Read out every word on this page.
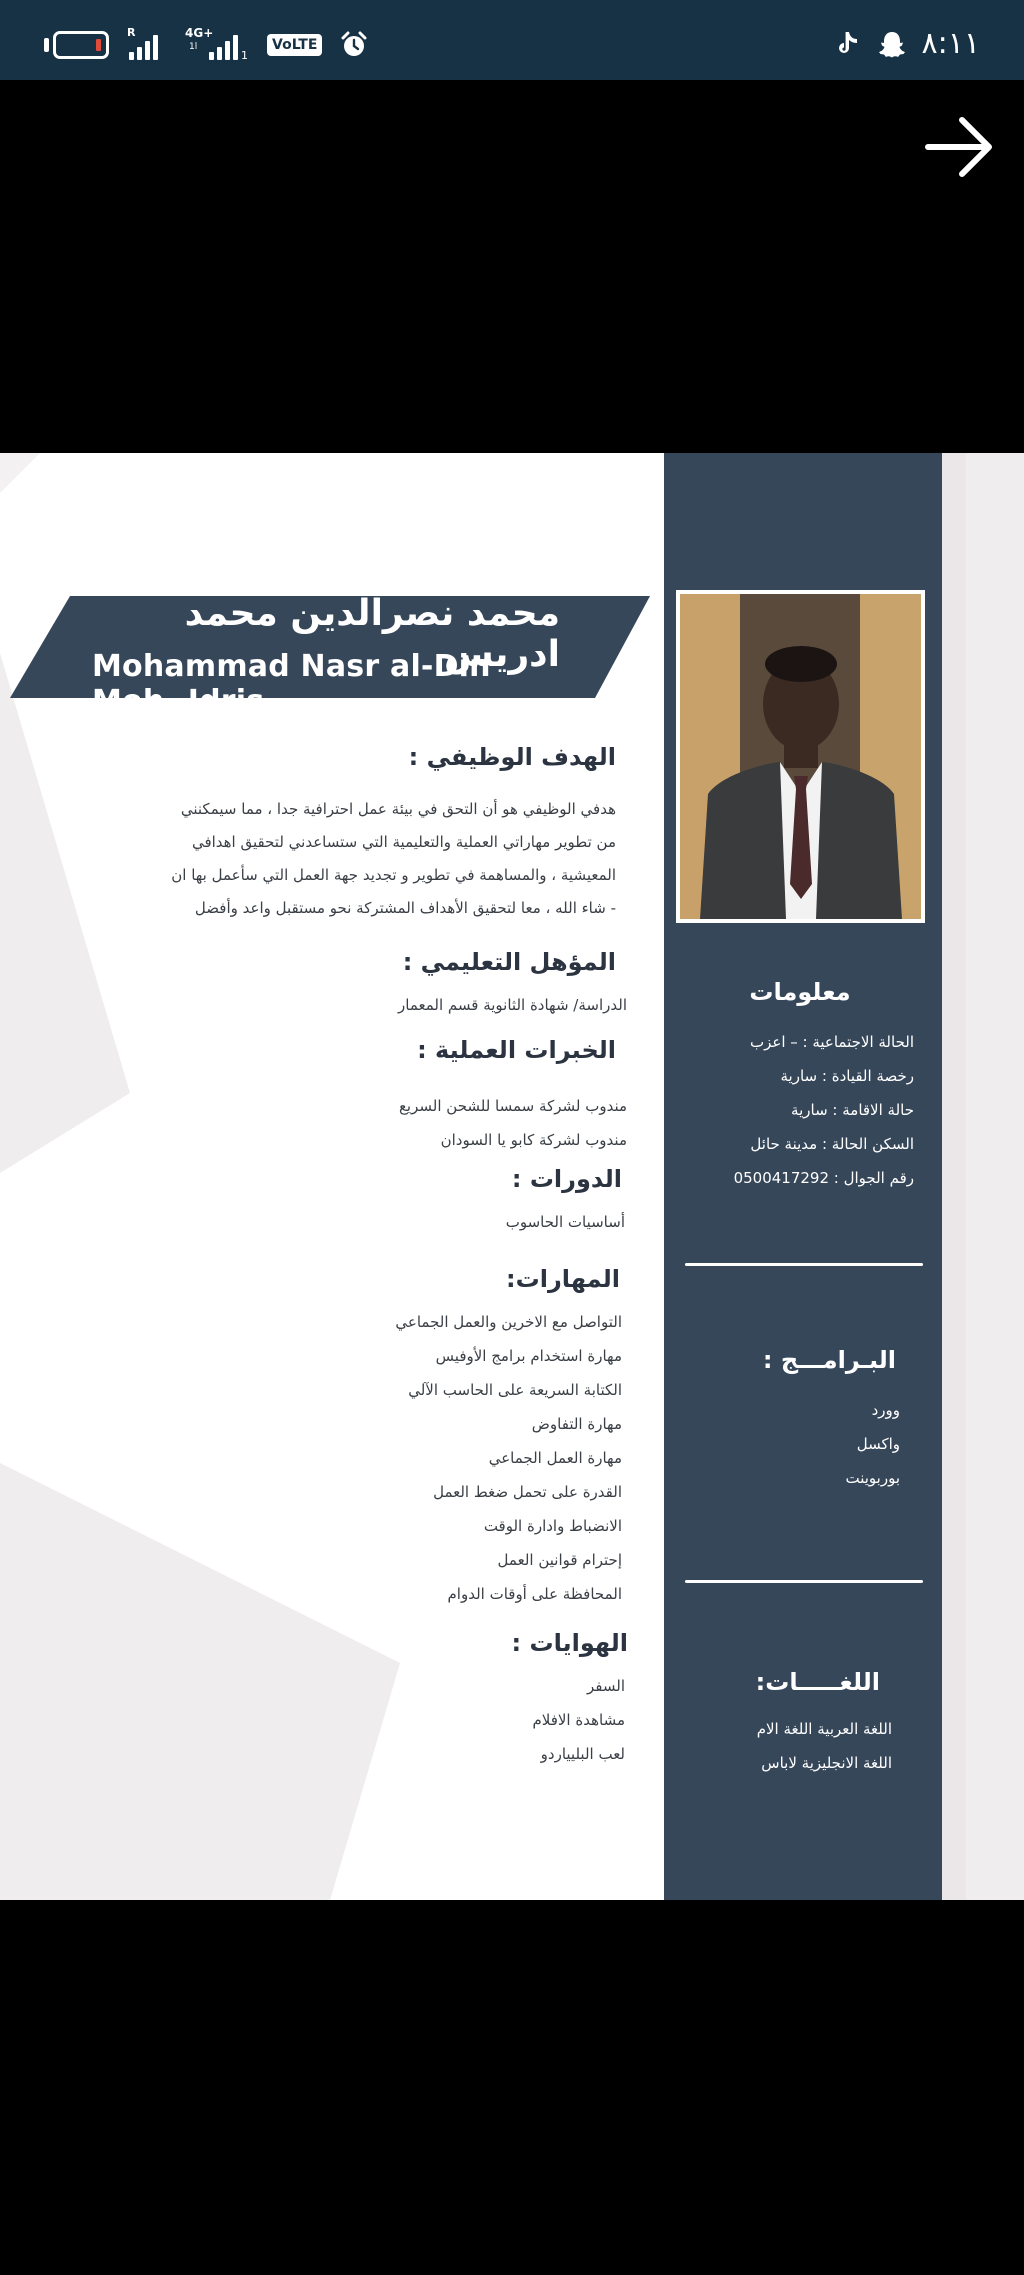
R	4G+
1l
1
VoLTE	٨:١١
محمد نصرالدين محمد ادريس
Mohammad Nasr al-Din Moh- Idris
الهدف الوظيفي :
هدفي الوظيفي هو أن التحق في بيئة عمل احترافية جدا ، مما سيمكنني
من تطوير مهاراتي العملية والتعليمية التي ستساعدني لتحقيق اهدافي
المعيشية ، والمساهمة في تطوير و تجديد جهة العمل التي سأعمل بها ان
- شاء الله ، معا لتحقيق الأهداف المشتركة نحو مستقبل واعد وأفضل
المؤهل التعليمي :
الدراسة/ شهادة الثانوية قسم المعمار
الخبرات العملية :
مندوب لشركة سمسا للشحن السريع
مندوب لشركة كابو يا السودان
الدورات :
أساسيات الحاسوب
المهارات:
التواصل مع الاخرين والعمل الجماعي
مهارة استخدام برامج الأوفيس
الكتابة السريعة على الحاسب الآلي
مهارة التفاوض
مهارة العمل الجماعي
القدرة على تحمل ضغط العمل
الانضباط وادارة الوقت
إحترام قوانين العمل
المحافظة على أوقات الدوام
الهوايات :
السفر
مشاهدة الافلام
لعب البليياردو
معلومات
الحالة الاجتماعية : – اعزب
رخصة القيادة : سارية
حالة الاقامة : سارية
السكن الحالة : مدينة حائل
رقم الجوال : 0500417292
البـرامـــج :
وورد
واكسل
بوربوينت
اللغـــــات:
اللغة العربية اللغة الام
اللغة الانجليزية لاباس
